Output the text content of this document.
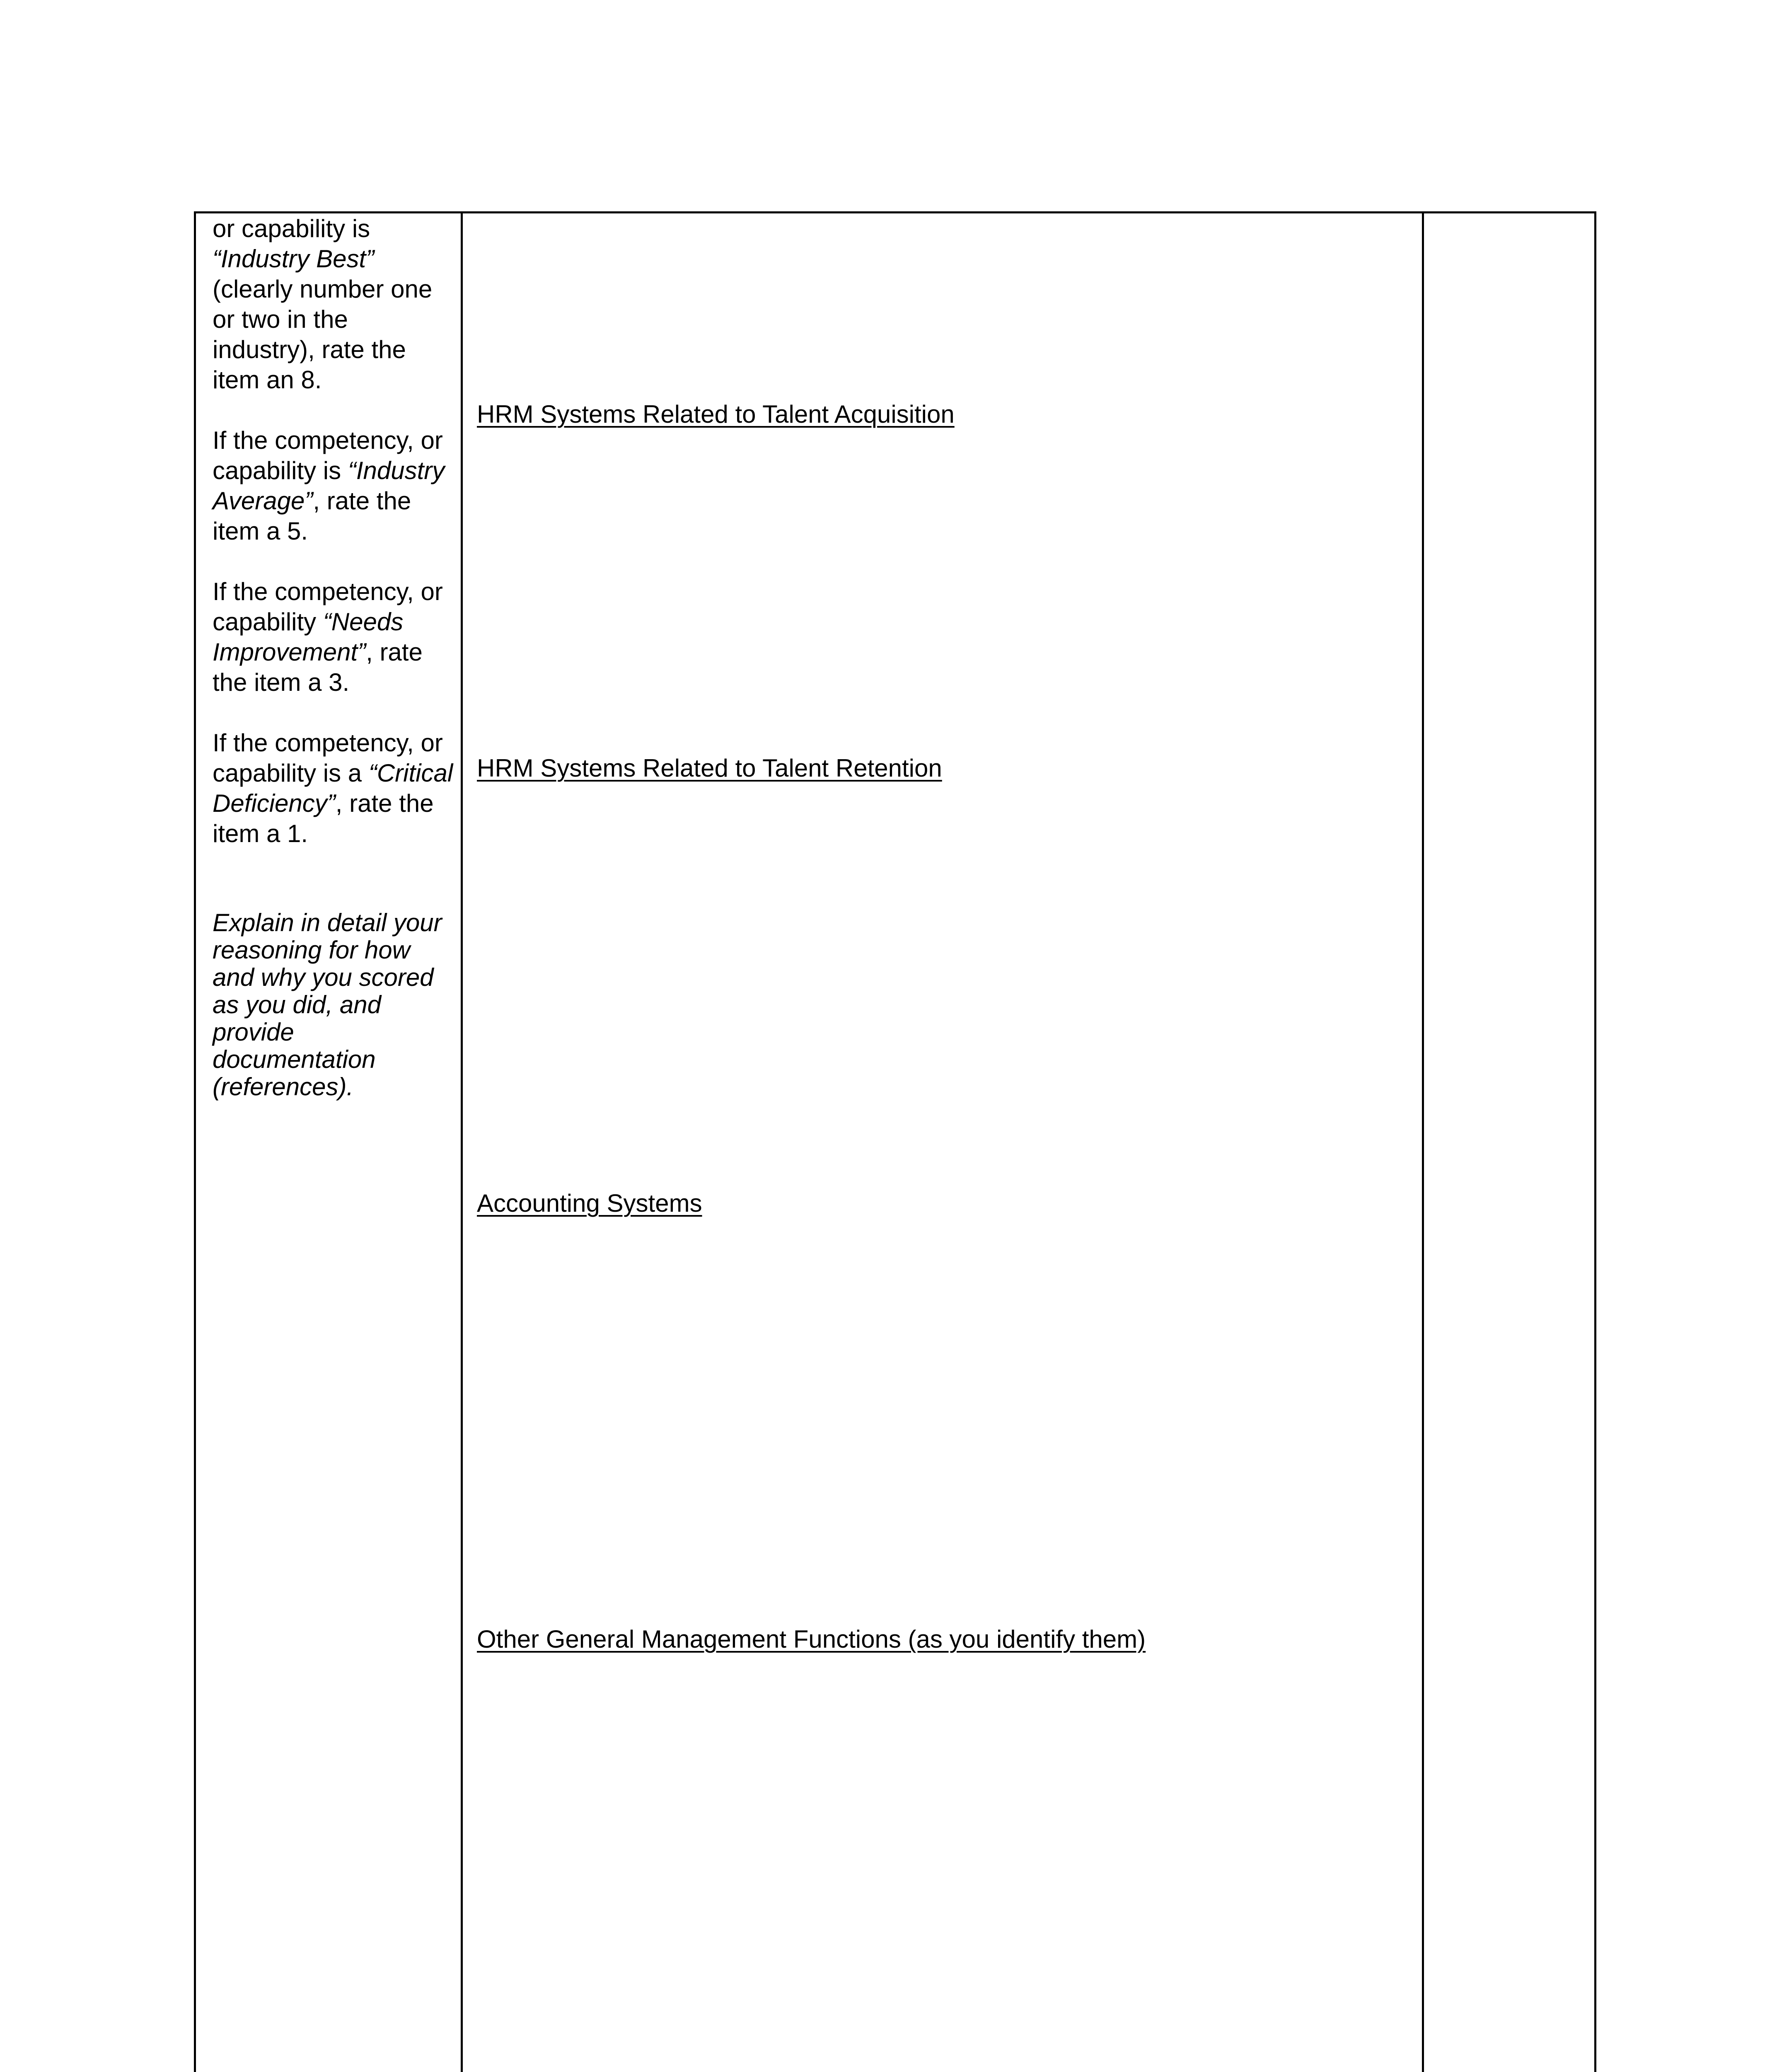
or capability is “Industry Best” (clearly number one or two in the industry), rate the item an 8.

If the competency, or capability is “Industry Average”, rate the item a 5.

If the competency, or capability “Needs Improvement”, rate the item a 3.

If the competency, or capability is a “Critical Deficiency”, rate the item a 1.

Explain in detail your reasoning for how and why you scored as you did, and provide documentation (references).

HRM Systems Related to Talent Acquisition
HRM Systems Related to Talent Retention
Accounting Systems
Other General Management Functions (as you identify them)
